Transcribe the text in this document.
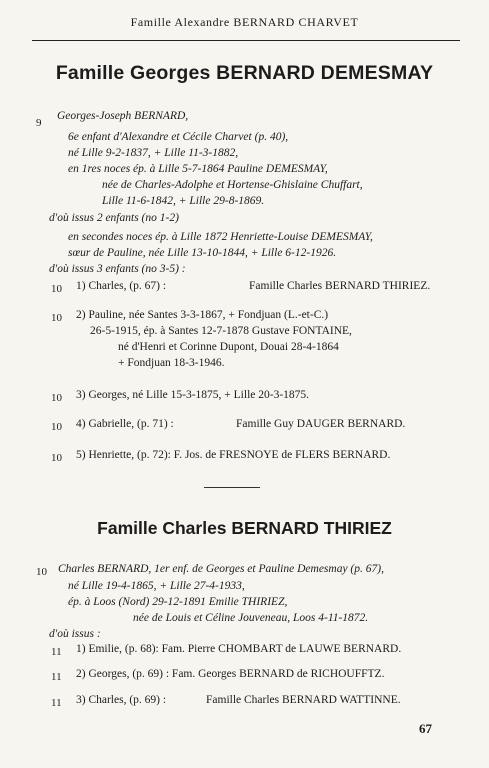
Famille Alexandre BERNARD CHARVET
Famille Georges BERNARD DEMESMAY
9
Georges-Joseph BERNARD,
6e enfant d'Alexandre et Cécile Charvet (p. 40),
né Lille 9-2-1837, + Lille 11-3-1882,
en 1res noces ép. à Lille 5-7-1864 Pauline DEMESMAY,
née de Charles-Adolphe et Hortense-Ghislaine Chuffart,
Lille 11-6-1842, + Lille 29-8-1869.
d'où issus 2 enfants (no 1-2)
en secondes noces ép. à Lille 1872 Henriette-Louise DEMESMAY,
sœur de Pauline, née Lille 13-10-1844, + Lille 6-12-1926.
d'où issus 3 enfants (no 3-5) :
10 1) Charles, (p. 67) :	Famille Charles BERNARD THIRIEZ.
10 2) Pauline, née Santes 3-3-1867, + Fondjuan (L.-et-C.)
26-5-1915, ép. à Santes 12-7-1878 Gustave FONTAINE,
né d'Henri et Corinne Dupont, Douai 28-4-1864
+ Fondjuan 18-3-1946.
10 3) Georges, né Lille 15-3-1875, + Lille 20-3-1875.
10 4) Gabrielle, (p. 71) :	Famille Guy DAUGER BERNARD.
10 5) Henriette, (p. 72): F. Jos. de FRESNOYE de FLERS BERNARD.
Famille Charles BERNARD THIRIEZ
10 Charles BERNARD, 1er enf. de Georges et Pauline Demesmay (p. 67),
né Lille 19-4-1865, + Lille 27-4-1933,
ép. à Loos (Nord) 29-12-1891 Emilie THIRIEZ,
née de Louis et Céline Jouveneau, Loos 4-11-1872.
d'où issus :
11 1) Emilie, (p. 68): Fam. Pierre CHOMBART de LAUWE BERNARD.
11 2) Georges, (p. 69) : Fam. Georges BERNARD de RICHOUFFTZ.
11 3) Charles, (p. 69) :	Famille Charles BERNARD WATTINNE.
67
